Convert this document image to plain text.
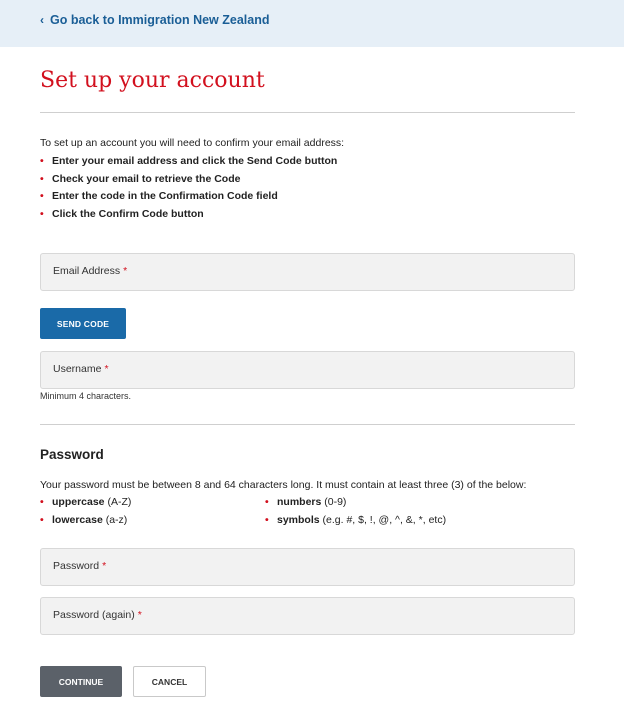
‹ Go back to Immigration New Zealand
Set up your account
To set up an account you will need to confirm your email address:
• Enter your email address and click the Send Code button
• Check your email to retrieve the Code
• Enter the code in the Confirmation Code field
• Click the Confirm Code button
Email Address *
SEND CODE
Username *
Minimum 4 characters.
Password
Your password must be between 8 and 64 characters long. It must contain at least three (3) of the below:
• uppercase (A-Z)
• lowercase (a-z)
• numbers (0-9)
• symbols (e.g. #, $, !, @, ^, &, *, etc)
Password *
Password (again) *
CONTINUE	CANCEL
